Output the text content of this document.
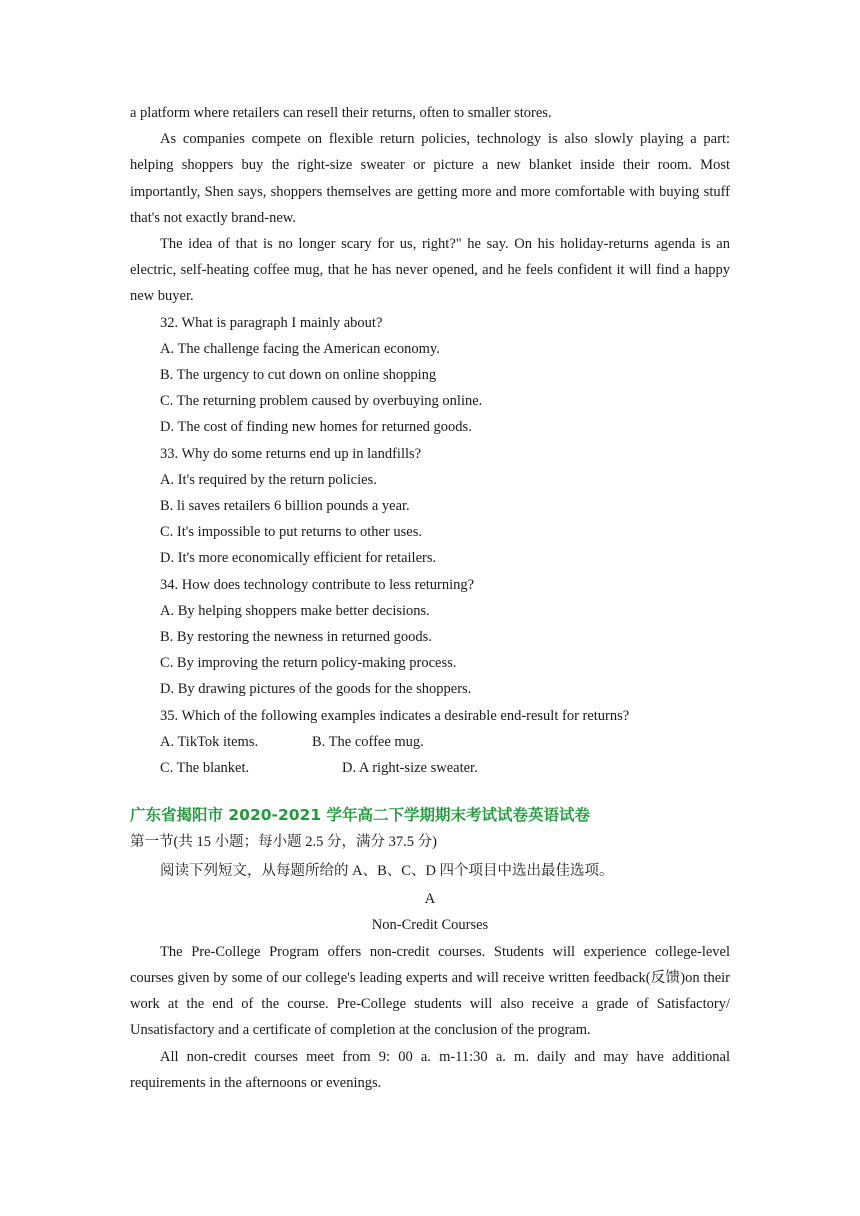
a platform where retailers can resell their returns, often to smaller stores.

As companies compete on flexible return policies, technology is also slowly playing a part: helping shoppers buy the right-size sweater or picture a new blanket inside their room. Most importantly, Shen says, shoppers themselves are getting more and more comfortable with buying stuff that's not exactly brand-new.

The idea of that is no longer scary for us, right?" he say. On his holiday-returns agenda is an electric, self-heating coffee mug, that he has never opened, and he feels confident it will find a happy new buyer.

32. What is paragraph I mainly about?

A. The challenge facing the American economy.

B. The urgency to cut down on online shopping

C. The returning problem caused by overbuying online.

D. The cost of finding new homes for returned goods.

33. Why do some returns end up in landfills?

A. It's required by the return policies.

B. li saves retailers 6 billion pounds a year.

C. It's impossible to put returns to other uses.

D. It's more economically efficient for retailers.

34. How does technology contribute to less returning?

A. By helping shoppers make better decisions.

B. By restoring the newness in returned goods.

C. By improving the return policy-making process.

D. By drawing pictures of the goods for the shoppers.

35. Which of the following examples indicates a desirable end-result for returns?

A. TikTok items.	B. The coffee mug.

C. The blanket.	D. A right-size sweater.

广东省揭阳市 2020-2021 学年高二下学期期末考试试卷英语试卷

第一节(共 15 小题；每小题 2.5 分，满分 37.5 分)

阅读下列短文，从每题所给的 A、B、C、D 四个项目中选出最佳选项。

A

Non-Credit Courses

The Pre-College Program offers non-credit courses. Students will experience college-level courses given by some of our college's leading experts and will receive written feedback(反馈)on their work at the end of the course. Pre-College students will also receive a grade of Satisfactory/ Unsatisfactory and a certificate of completion at the conclusion of the program.

All non-credit courses meet from 9: 00 a. m-11:30 a. m. daily and may have additional requirements in the afternoons or evenings.
